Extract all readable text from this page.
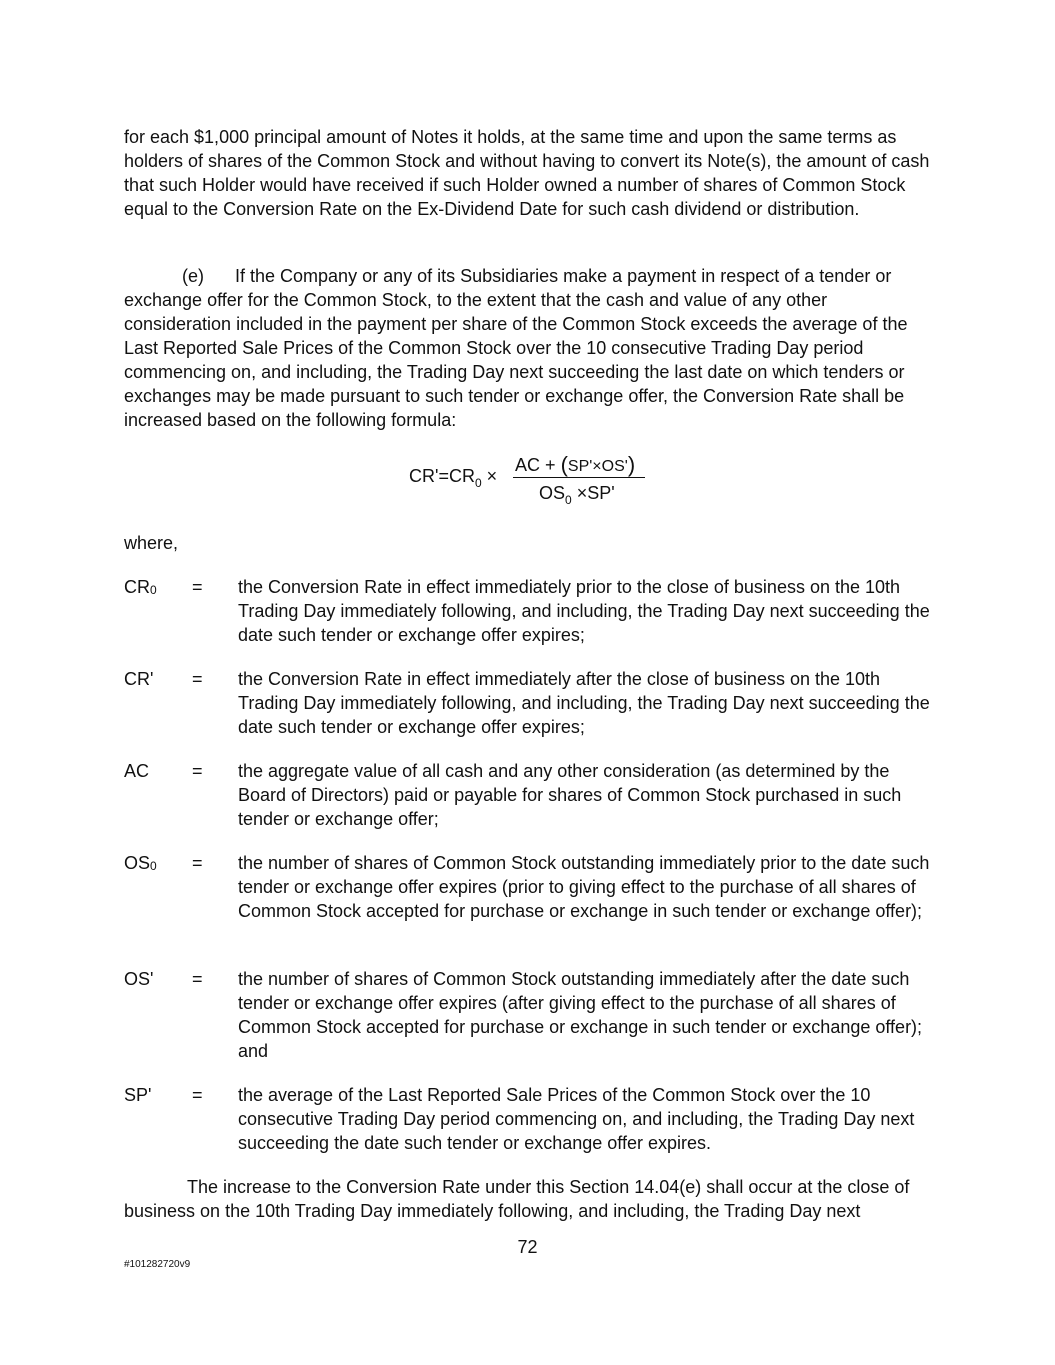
for each $1,000 principal amount of Notes it holds, at the same time and upon the same terms as holders of shares of the Common Stock and without having to convert its Note(s), the amount of cash that such Holder would have received if such Holder owned a number of shares of Common Stock equal to the Conversion Rate on the Ex-Dividend Date for such cash dividend or distribution.

(e) If the Company or any of its Subsidiaries make a payment in respect of a tender or exchange offer for the Common Stock, to the extent that the cash and value of any other consideration included in the payment per share of the Common Stock exceeds the average of the Last Reported Sale Prices of the Common Stock over the 10 consecutive Trading Day period commencing on, and including, the Trading Day next succeeding the last date on which tenders or exchanges may be made pursuant to such tender or exchange offer, the Conversion Rate shall be increased based on the following formula:

$CR'=CR_0$ ×
AC + (SP'×OS')
$OS_0 \times SP'$
where,
$CR_0$ = the Conversion Rate in effect immediately prior to the close of business on the 10th Trading Day immediately following, and including, the Trading Day next succeeding the date such tender or exchange offer expires;
CR' = the Conversion Rate in effect immediately after the close of business on the 10th Trading Day immediately following, and including, the Trading Day next succeeding the date such tender or exchange offer expires;
AC = the aggregate value of all cash and any other consideration (as determined by the Board of Directors) paid or payable for shares of Common Stock purchased in such tender or exchange offer;
$OS_0$ = the number of shares of Common Stock outstanding immediately prior to the date such tender or exchange offer expires (prior to giving effect to the purchase of all shares of Common Stock accepted for purchase or exchange in such tender or exchange offer);
OS' = the number of shares of Common Stock outstanding immediately after the date such tender or exchange offer expires (after giving effect to the purchase of all shares of Common Stock accepted for purchase or exchange in such tender or exchange offer); and
SP' = the average of the Last Reported Sale Prices of the Common Stock over the 10 consecutive Trading Day period commencing on, and including, the Trading Day next succeeding the date such tender or exchange offer expires.

The increase to the Conversion Rate under this Section 14.04(e) shall occur at the close of business on the 10th Trading Day immediately following, and including, the Trading Day next

72
#101282720v9
